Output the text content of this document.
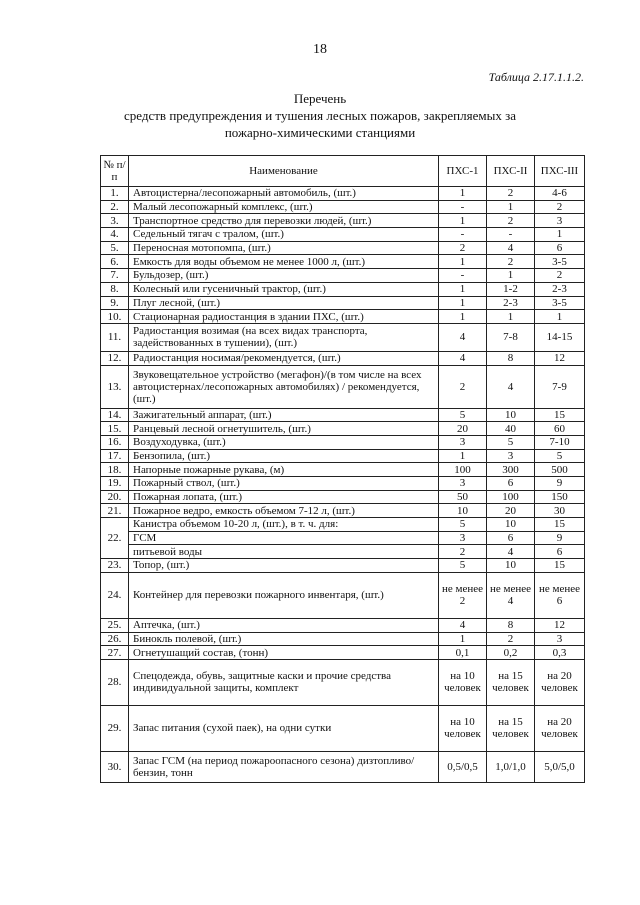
18
Таблица 2.17.1.1.2.
Перечень
средств предупреждения и тушения лесных пожаров, закрепляемых за
пожарно-химическими станциями
№ п/п	Наименование	ПХС-1	ПХС-II	ПХС-III
1.	Автоцистерна/лесопожарный автомобиль, (шт.)	1	2	4-6
2.	Малый лесопожарный комплекс, (шт.)	-	1	2
3.	Транспортное средство для перевозки людей, (шт.)	1	2	3
4.	Седельный тягач с тралом, (шт.)	-	-	1
5.	Переносная мотопомпа, (шт.)	2	4	6
6.	Емкость для воды объемом не менее 1000 л, (шт.)	1	2	3-5
7.	Бульдозер, (шт.)	-	1	2
8.	Колесный или гусеничный трактор, (шт.)	1	1-2	2-3
9.	Плуг лесной, (шт.)	1	2-3	3-5
10.	Стационарная радиостанция в здании ПХС, (шт.)	1	1	1
11.	Радиостанция возимая (на всех видах транспорта, задействованных в тушении), (шт.)	4	7-8	14-15
12.	Радиостанция носимая/рекомендуется, (шт.)	4	8	12
13.	Звуковещательное устройство (мегафон)/(в том числе на всех автоцистернах/лесопожарных автомобилях) / рекомендуется, (шт.)	2	4	7-9
14.	Зажигательный аппарат, (шт.)	5	10	15
15.	Ранцевый лесной огнетушитель, (шт.)	20	40	60
16.	Воздуходувка, (шт.)	3	5	7-10
17.	Бензопила, (шт.)	1	3	5
18.	Напорные пожарные рукава, (м)	100	300	500
19.	Пожарный ствол, (шт.)	3	6	9
20.	Пожарная лопата, (шт.)	50	100	150
21.	Пожарное ведро, емкость объемом 7-12 л, (шт.)	10	20	30
22.	Канистра объемом 10-20 л, (шт.), в т. ч. для:	5	10	15
	ГСМ	3	6	9
	питьевой воды	2	4	6
23.	Топор, (шт.)	5	10	15
24.	Контейнер для перевозки пожарного инвентаря, (шт.)	не менее 2	не менее 4	не менее 6
25.	Аптечка, (шт.)	4	8	12
26.	Бинокль полевой, (шт.)	1	2	3
27.	Огнетушащий состав, (тонн)	0,1	0,2	0,3
28.	Спецодежда, обувь, защитные каски и прочие средства индивидуальной защиты, комплект	на 10 человек	на 15 человек	на 20 человек
29.	Запас питания (сухой паек), на одни сутки	на 10 человек	на 15 человек	на 20 человек
30.	Запас ГСМ (на период пожароопасного сезона) дизтопливо/бензин, тонн	0,5/0,5	1,0/1,0	5,0/5,0
